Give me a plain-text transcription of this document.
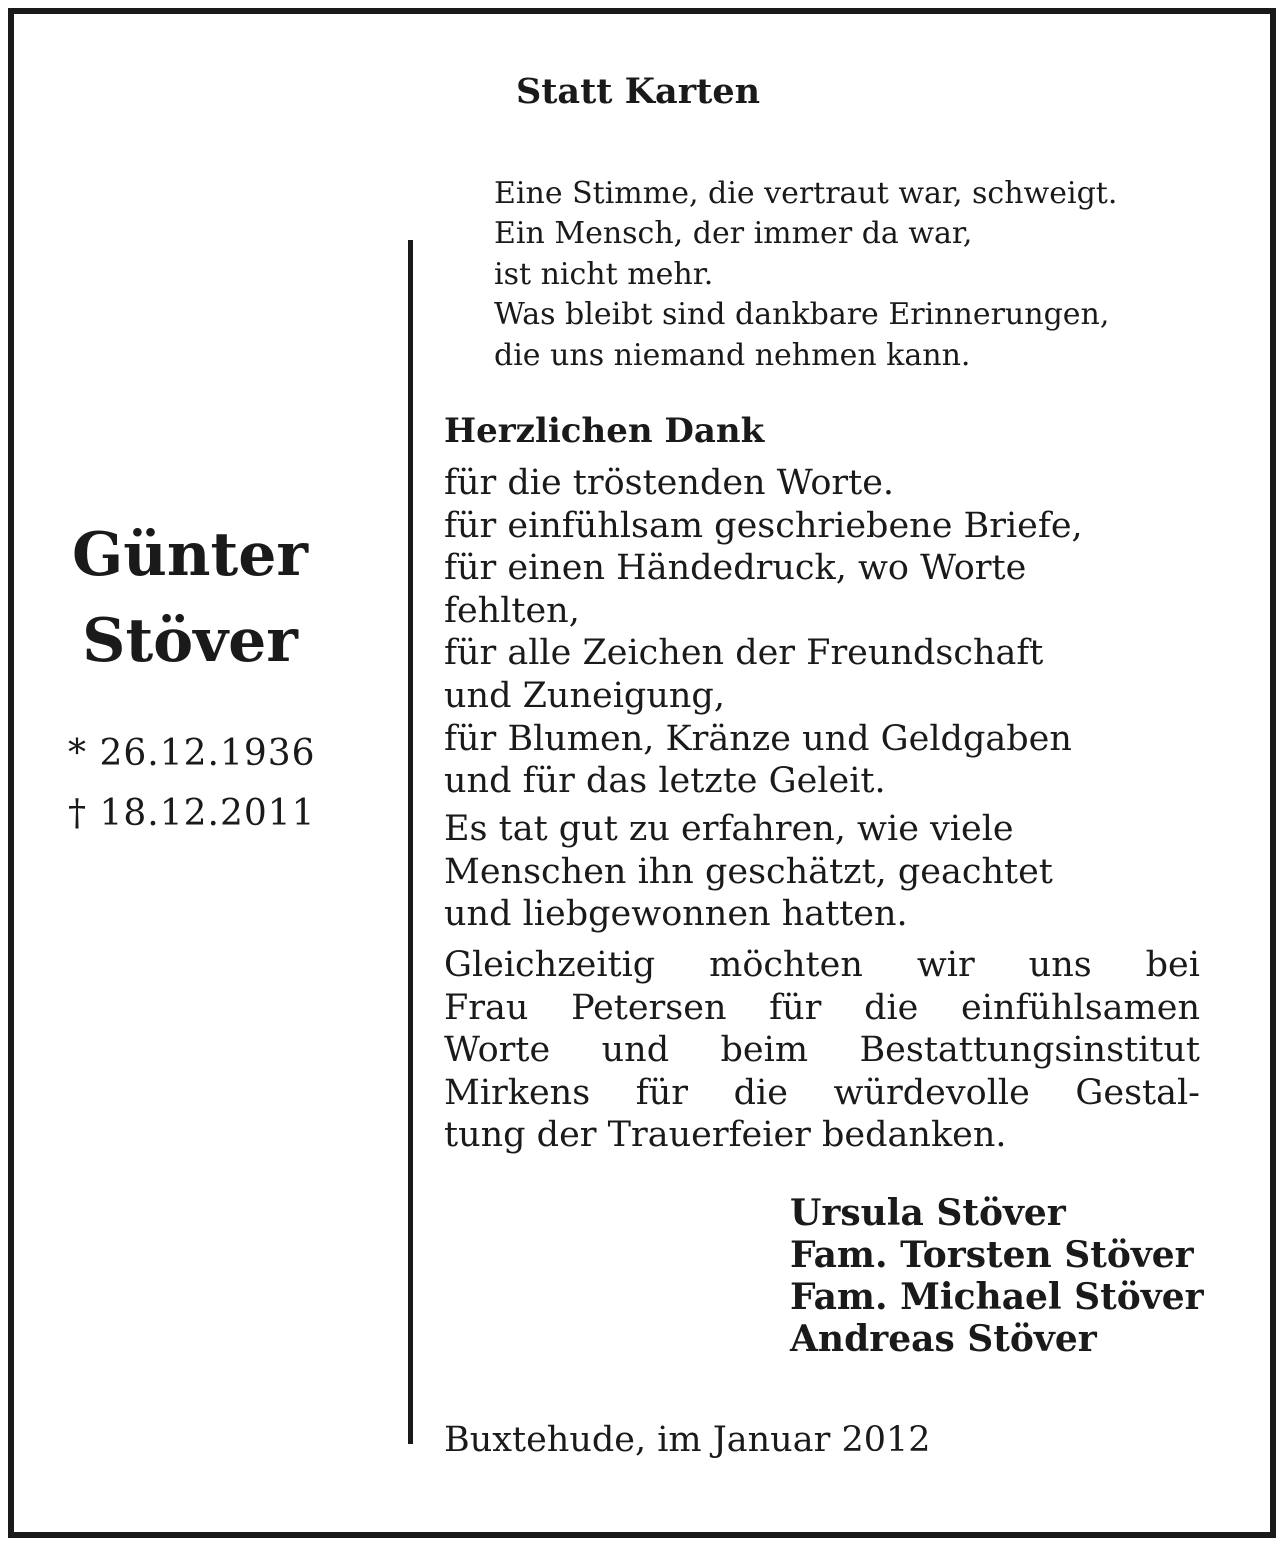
Statt Karten
Eine Stimme, die vertraut war, schweigt.
Ein Mensch, der immer da war,
ist nicht mehr.
Was bleibt sind dankbare Erinnerungen,
die uns niemand nehmen kann.
Günter
Stöver
* 26.12.1936
† 18.12.2011
Herzlichen Dank
für die tröstenden Worte.
für einfühlsam geschriebene Briefe,
für einen Händedruck, wo Worte
fehlten,
für alle Zeichen der Freundschaft
und Zuneigung,
für Blumen, Kränze und Geldgaben
und für das letzte Geleit.
Es tat gut zu erfahren, wie viele
Menschen ihn geschätzt, geachtet
und liebgewonnen hatten.
Gleichzeitig möchten wir uns bei
Frau Petersen für die einfühlsamen
Worte und beim Bestattungsinstitut
Mirkens für die würdevolle Gestal-
tung der Trauerfeier bedanken.
Ursula Stöver
Fam. Torsten Stöver
Fam. Michael Stöver
Andreas Stöver
Buxtehude, im Januar 2012
